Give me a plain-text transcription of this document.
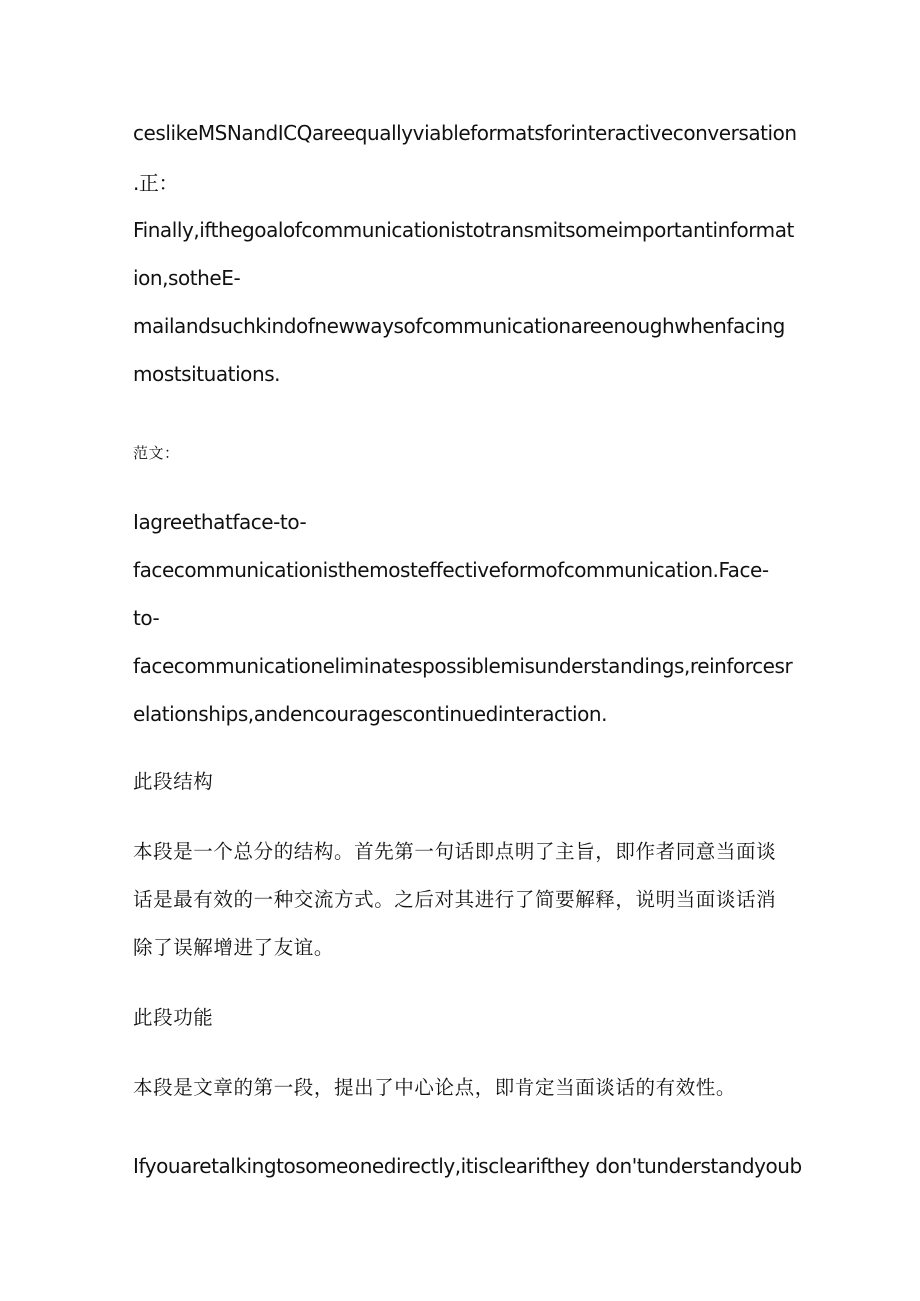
ceslikeMSNandICQareequallyviableformatsforinteractiveconversation
.正：
Finally,ifthegoalofcommunicationistotransmitsomeimportantinformat
ion,sotheE-
mailandsuchkindofnewwaysofcommunicationareenoughwhenfacing
mostsituations.
范文：
Iagreethatface-to-
facecommunicationisthemosteffectiveformofcommunication.Face-
to-
facecommunicationeliminatespossiblemisunderstandings,reinforcesr
elationships,andencouragescontinuedinteraction.
此段结构
本段是一个总分的结构。首先第一句话即点明了主旨，即作者同意当面谈
话是最有效的一种交流方式。之后对其进行了简要解释，说明当面谈话消
除了误解增进了友谊。
此段功能
本段是文章的第一段，提出了中心论点，即肯定当面谈话的有效性。
Ifyouaretalkingtosomeonedirectly,itisclearifthey don'tunderstandyoub
